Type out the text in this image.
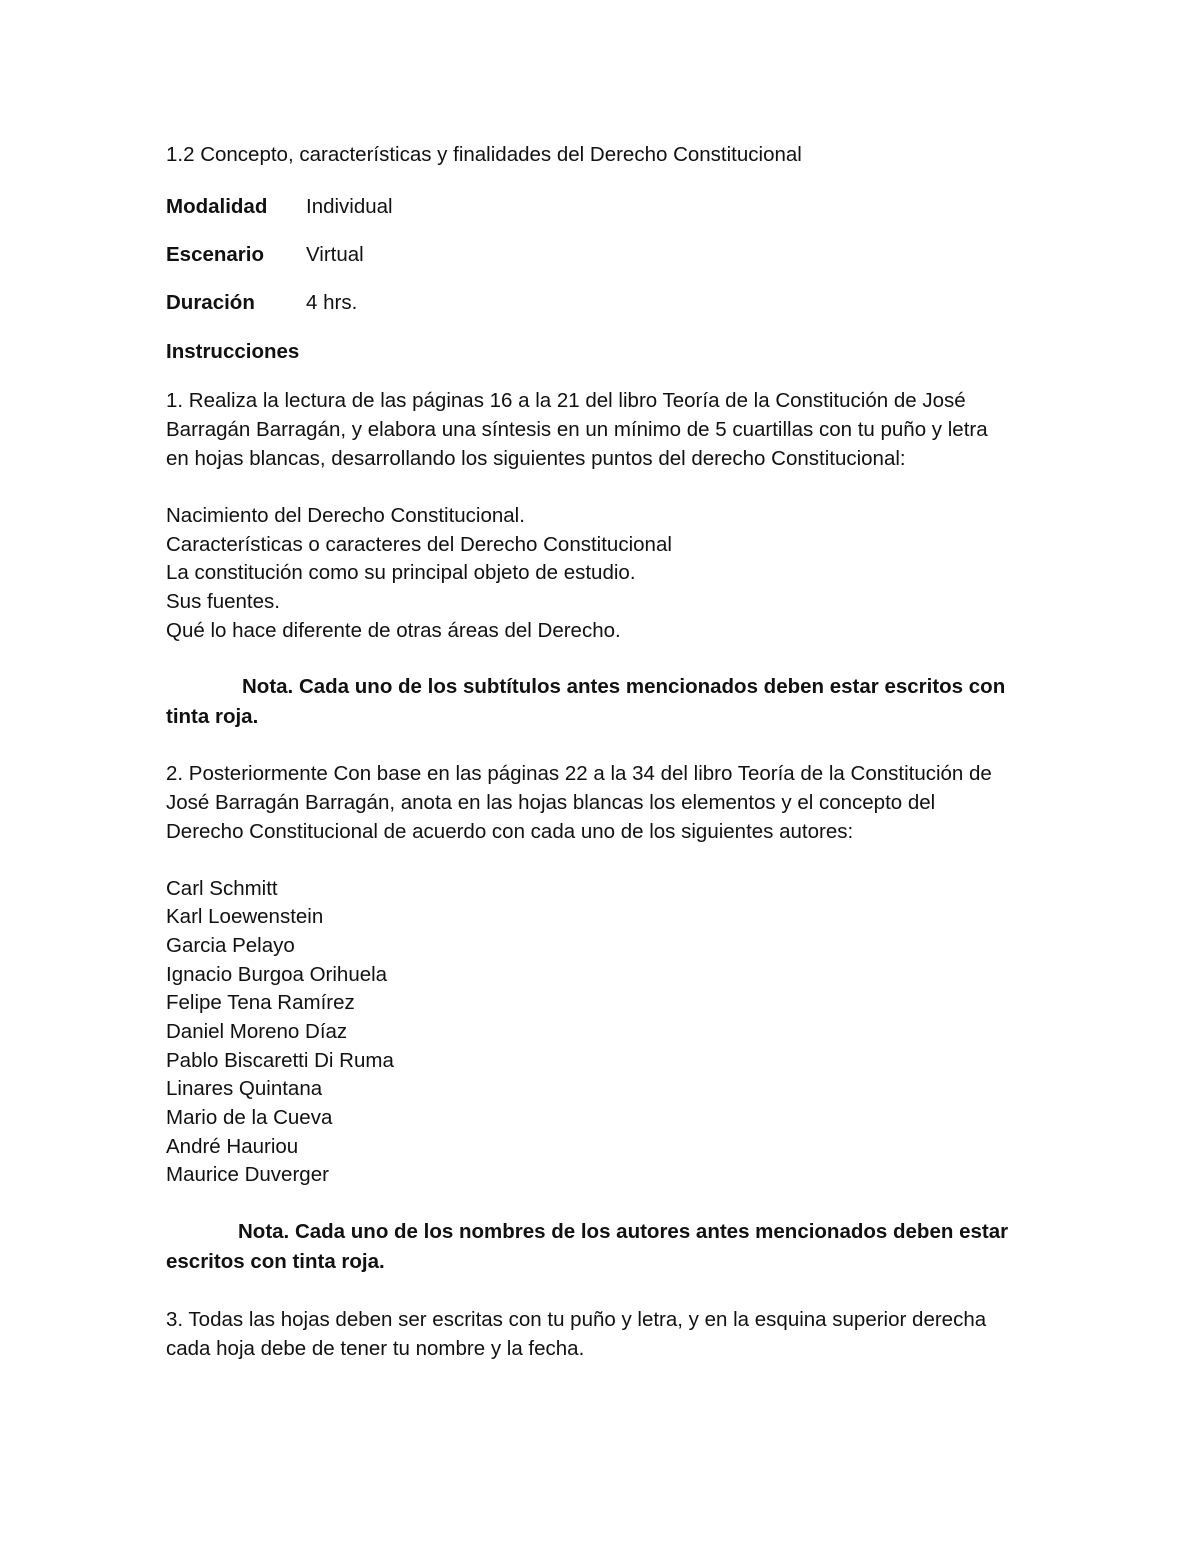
1.2 Concepto, características y finalidades del Derecho Constitucional
Modalidad Individual
Escenario Virtual
Duración 4 hrs.
Instrucciones
1. Realiza la lectura de las páginas 16 a la 21 del libro Teoría de la Constitución de José
Barragán Barragán, y elabora una síntesis en un mínimo de 5 cuartillas con tu puño y letra
en hojas blancas, desarrollando los siguientes puntos del derecho Constitucional:
Nacimiento del Derecho Constitucional.
Características o caracteres del Derecho Constitucional
La constitución como su principal objeto de estudio.
Sus fuentes.
Qué lo hace diferente de otras áreas del Derecho.
Nota. Cada uno de los subtítulos antes mencionados deben estar escritos con
tinta roja.
2. Posteriormente Con base en las páginas 22 a la 34 del libro Teoría de la Constitución de
José Barragán Barragán, anota en las hojas blancas los elementos y el concepto del
Derecho Constitucional de acuerdo con cada uno de los siguientes autores:
Carl Schmitt
Karl Loewenstein
Garcia Pelayo
Ignacio Burgoa Orihuela
Felipe Tena Ramírez
Daniel Moreno Díaz
Pablo Biscaretti Di Ruma
Linares Quintana
Mario de la Cueva
André Hauriou
Maurice Duverger
Nota. Cada uno de los nombres de los autores antes mencionados deben estar
escritos con tinta roja.
3. Todas las hojas deben ser escritas con tu puño y letra, y en la esquina superior derecha
cada hoja debe de tener tu nombre y la fecha.
